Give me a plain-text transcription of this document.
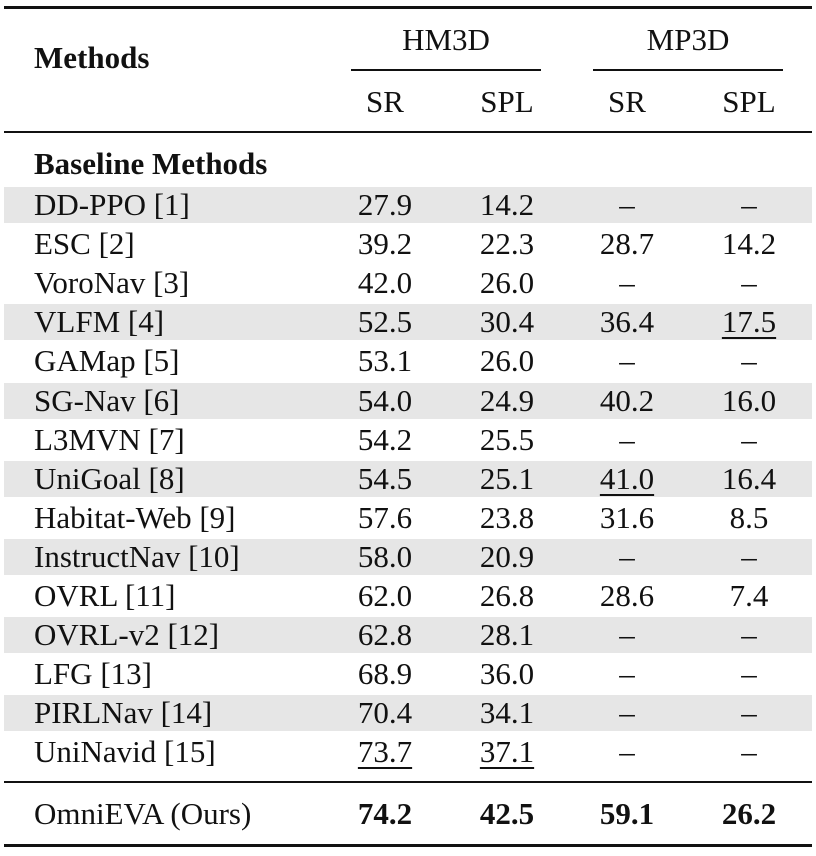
Methods
HM3D	MP3D
SR	SPL	SR	SPL
Baseline Methods
DD-PPO [1]	27.9	14.2	–	–
ESC [2]	39.2	22.3	28.7	14.2
VoroNav [3]	42.0	26.0	–	–
VLFM [4]	52.5	30.4	36.4	17.5
GAMap [5]	53.1	26.0	–	–
SG-Nav [6]	54.0	24.9	40.2	16.0
L3MVN [7]	54.2	25.5	–	–
UniGoal [8]	54.5	25.1	41.0	16.4
Habitat-Web [9]	57.6	23.8	31.6	8.5
InstructNav [10]	58.0	20.9	–	–
OVRL [11]	62.0	26.8	28.6	7.4
OVRL-v2 [12]	62.8	28.1	–	–
LFG [13]	68.9	36.0	–	–
PIRLNav [14]	70.4	34.1	–	–
UniNavid [15]	73.7	37.1	–	–
OmniEVA (Ours)	74.2	42.5	59.1	26.2
